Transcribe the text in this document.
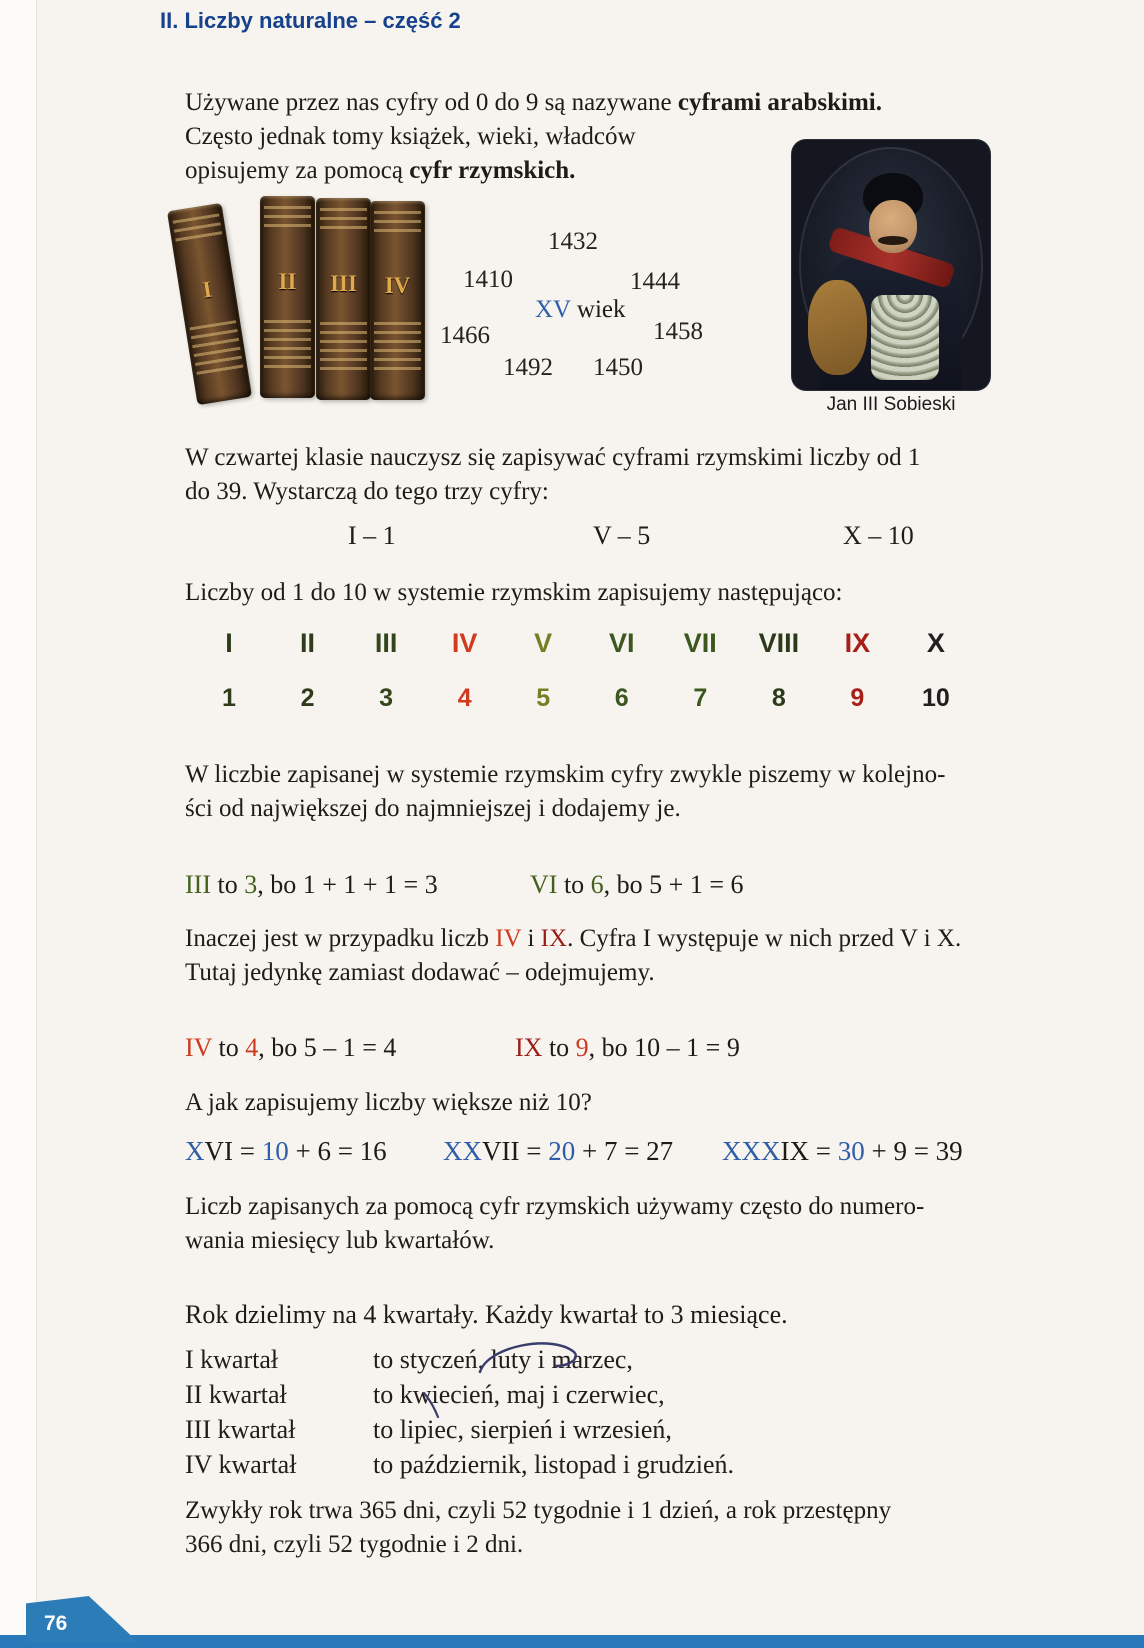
II. Liczby naturalne – część 2
Używane przez nas cyfry od 0 do 9 są nazywane cyframi arabskimi.
Często jednak tomy książek, wieki, władców
opisujemy za pomocą cyfr rzymskich.
I	II	III	IV
1432
1410	1444
XV wiek
1466	1458
1492 1450
Jan III Sobieski
W czwartej klasie nauczysz się zapisywać cyframi rzymskimi liczby od 1
do 39. Wystarczą do tego trzy cyfry:
I – 1	V – 5	X – 10
Liczby od 1 do 10 w systemie rzymskim zapisujemy następująco:
I	II	III	IV	V	VI	VII	VIII	IX	X
1	2	3	4	5	6	7	8	9	10
W liczbie zapisanej w systemie rzymskim cyfry zwykle piszemy w kolejno-
ści od największej do najmniejszej i dodajemy je.
III to 3, bo 1 + 1 + 1 = 3	VI to 6, bo 5 + 1 = 6
Inaczej jest w przypadku liczb IV i IX. Cyfra I występuje w nich przed V i X.
Tutaj jedynkę zamiast dodawać – odejmujemy.
IV to 4, bo 5 – 1 = 4	IX to 9, bo 10 – 1 = 9
A jak zapisujemy liczby większe niż 10?
XVI = 10 + 6 = 16 XXVII = 20 + 7 = 27 XXXIX = 30 + 9 = 39
Liczb zapisanych za pomocą cyfr rzymskich używamy często do numero-
wania miesięcy lub kwartałów.
Rok dzielimy na 4 kwartały. Każdy kwartał to 3 miesiące.
I kwartał	to styczeń, luty i marzec,
II kwartał	to kwiecień, maj i czerwiec,
III kwartał	to lipiec, sierpień i wrzesień,
IV kwartał	to październik, listopad i grudzień.
Zwykły rok trwa 365 dni, czyli 52 tygodnie i 1 dzień, a rok przestępny
366 dni, czyli 52 tygodnie i 2 dni.
76
